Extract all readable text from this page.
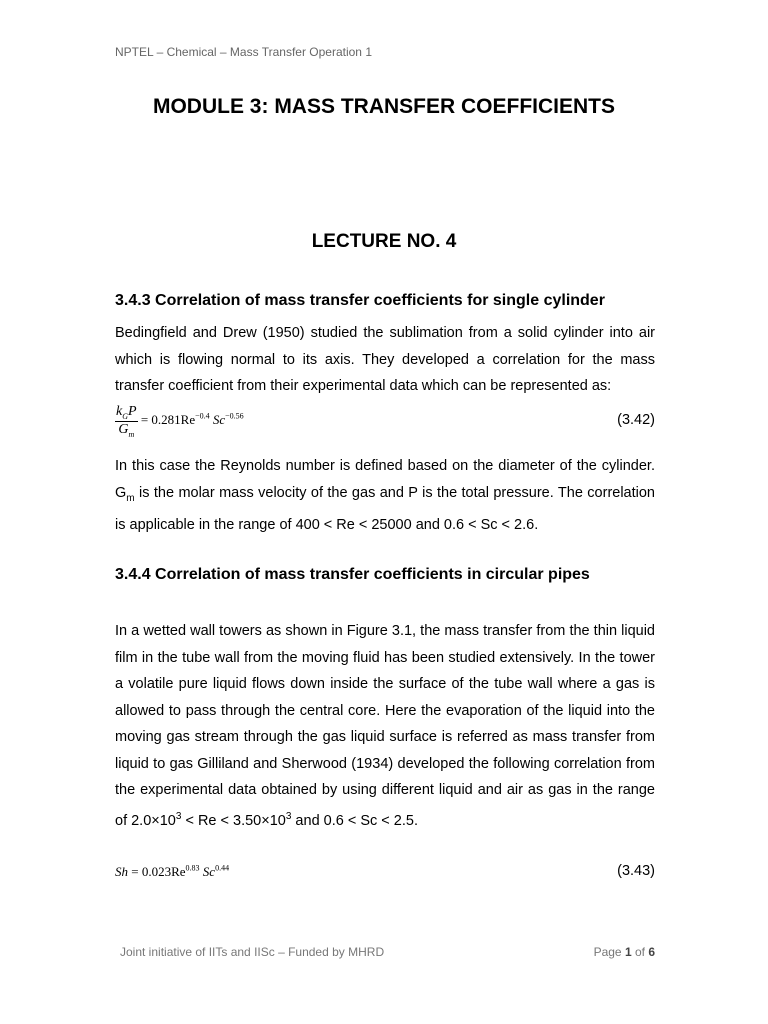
NPTEL – Chemical – Mass Transfer Operation 1
MODULE 3: MASS TRANSFER COEFFICIENTS
LECTURE NO. 4
3.4.3 Correlation of mass transfer coefficients for single cylinder
Bedingfield and Drew (1950) studied the sublimation from a solid cylinder into air which is flowing normal to its axis. They developed a correlation for the mass transfer coefficient from their experimental data which can be represented as:
$\frac{k_GP}{G_m} = 0.281Re^{-0.4}$ $Sc^{-0.56}$	(3.42)
In this case the Reynolds number is defined based on the diameter of the cylinder. $G_m$ is the molar mass velocity of the gas and P is the total pressure. The correlation is applicable in the range of 400 < Re < 25000 and 0.6 < Sc < 2.6.
3.4.4 Correlation of mass transfer coefficients in circular pipes
In a wetted wall towers as shown in Figure 3.1, the mass transfer from the thin liquid film in the tube wall from the moving fluid has been studied extensively. In the tower a volatile pure liquid flows down inside the surface of the tube wall where a gas is allowed to pass through the central core. Here the evaporation of the liquid into the moving gas stream through the gas liquid surface is referred as mass transfer from liquid to gas Gilliland and Sherwood (1934) developed the following correlation from the experimental data obtained by using different liquid and air as gas in the range of $2.0\times 10^3 < Re < 3.50\times 10^3$ and 0.6 < Sc < 2.5.
$Sh = 0.023Re^{0.83}$ $Sc^{0.44}$	(3.43)
Joint initiative of IITs and IISc – Funded by MHRD	Page 1 of 6
